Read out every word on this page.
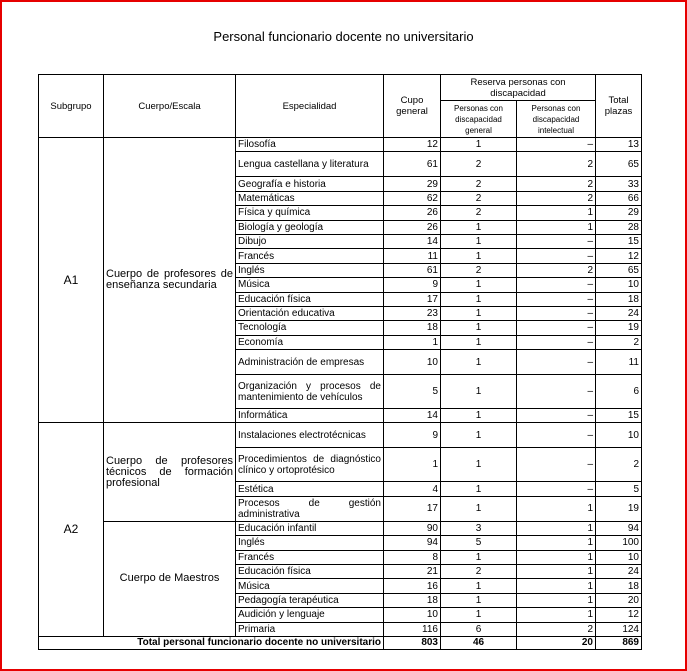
Personal funcionario docente no universitario
Subgrupo	Cuerpo/Escala	Especialidad	Cupo general	Reserva personas con discapacidad		Total plazas
				Personas con discapacidad general	Personas con discapacidad intelectual	
A1	Cuerpo de profesores de enseñanza secundaria	Filosofía	12	1	–	13
		Lengua castellana y literatura	61	2	2	65
		Geografía e historia	29	2	2	33
		Matemáticas	62	2	2	66
		Física y química	26	2	1	29
		Biología y geología	26	1	1	28
		Dibujo	14	1	–	15
		Francés	11	1	–	12
		Inglés	61	2	2	65
		Música	9	1	–	10
		Educación física	17	1	–	18
		Orientación educativa	23	1	–	24
		Tecnología	18	1	–	19
		Economía	1	1	–	2
		Administración de empresas	10	1	–	11
		Organización y procesos de mantenimiento de vehículos	5	1	–	6
		Informática	14	1	–	15
A2	Cuerpo de profesores técnicos de formación profesional	Instalaciones electrotécnicas	9	1	–	10
		Procedimientos de diagnóstico clínico y ortoprotésico	1	1	–	2
		Estética	4	1	–	5
		Procesos de gestión administrativa	17	1	1	19
	Cuerpo de Maestros	Educación infantil	90	3	1	94
		Inglés	94	5	1	100
		Francés	8	1	1	10
		Educación física	21	2	1	24
		Música	16	1	1	18
		Pedagogía terapéutica	18	1	1	20
		Audición y lenguaje	10	1	1	12
		Primaria	116	6	2	124
Total personal funcionario docente no universitario			803	46	20	869
